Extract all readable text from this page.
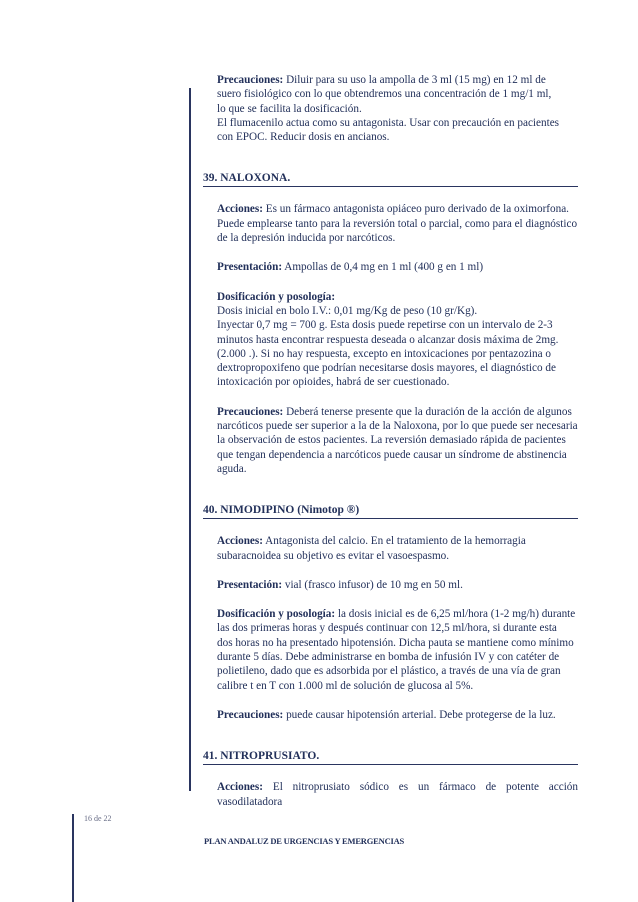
Precauciones: Diluir para su uso la ampolla de 3 ml (15 mg) en 12 ml de
suero fisiológico con lo que obtendremos una concentración de 1 mg/1 ml,
lo que se facilita la dosificación.
El flumacenilo actua como su antagonista. Usar con precaución en pacientes
con EPOC. Reducir dosis en ancianos.
39. NALOXONA.
Acciones: Es un fármaco antagonista opiáceo puro derivado de la oximorfona.
Puede emplearse tanto para la reversión total o parcial, como para el diagnóstico
de la depresión inducida por narcóticos.
Presentación: Ampollas de 0,4 mg en 1 ml (400 g en 1 ml)
Dosificación y posología:
Dosis inicial en bolo I.V.: 0,01 mg/Kg de peso (10 gr/Kg).
Inyectar 0,7 mg = 700 g. Esta dosis puede repetirse con un intervalo de 2-3
minutos hasta encontrar respuesta deseada o alcanzar dosis máxima de 2mg.
(2.000 .). Si no hay respuesta, excepto en intoxicaciones por pentazozina o
dextropropoxifeno que podrían necesitarse dosis mayores, el diagnóstico de
intoxicación por opioides, habrá de ser cuestionado.
Precauciones: Deberá tenerse presente que la duración de la acción de algunos
narcóticos puede ser superior a la de la Naloxona, por lo que puede ser necesaria
la observación de estos pacientes. La reversión demasiado rápida de pacientes
que tengan dependencia a narcóticos puede causar un síndrome de abstinencia
aguda.
40. NIMODIPINO (Nimotop ®)
Acciones: Antagonista del calcio. En el tratamiento de la hemorragia
subaracnoidea su objetivo es evitar el vasoespasmo.
Presentación: vial (frasco infusor) de 10 mg en 50 ml.
Dosificación y posología: la dosis inicial es de 6,25 ml/hora (1-2 mg/h) durante
las dos primeras horas y después continuar con 12,5 ml/hora, si durante esta
dos horas no ha presentado hipotensión. Dicha pauta se mantiene como mínimo
durante 5 días. Debe administrarse en bomba de infusión IV y con catéter de
polietileno, dado que es adsorbida por el plástico, a través de una vía de gran
calibre t en T con 1.000 ml de solución de glucosa al 5%.
Precauciones: puede causar hipotensión arterial. Debe protegerse de la luz.
41. NITROPRUSIATO.
Acciones: El nitroprusiato sódico es un fármaco de potente acción vasodilatadora
16 de 22
PLAN ANDALUZ DE URGENCIAS Y EMERGENCIAS
